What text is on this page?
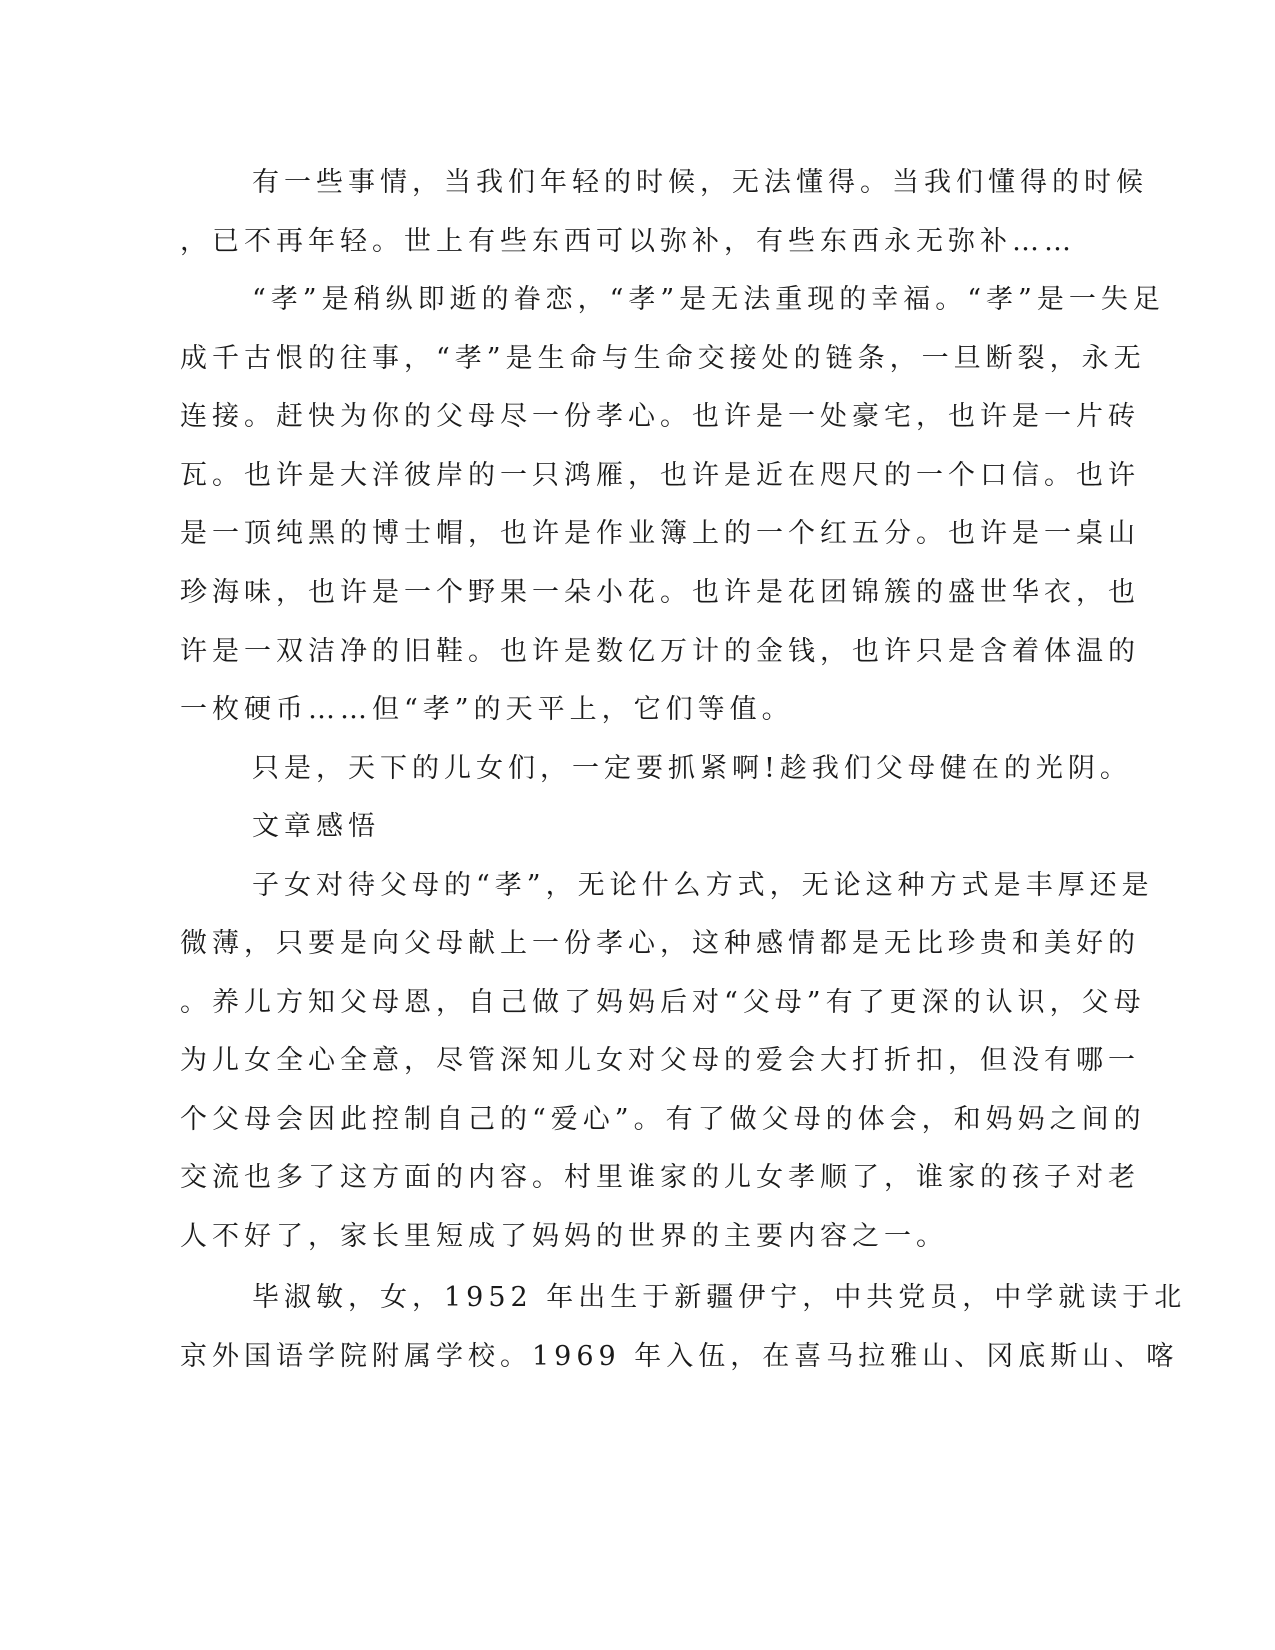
有一些事情，当我们年轻的时候，无法懂得。当我们懂得的时候

，已不再年轻。世上有些东西可以弥补，有些东西永无弥补……

“孝”是稍纵即逝的眷恋，“孝”是无法重现的幸福。“孝”是一失足

成千古恨的往事，“孝”是生命与生命交接处的链条，一旦断裂，永无

连接。赶快为你的父母尽一份孝心。也许是一处豪宅，也许是一片砖

瓦。也许是大洋彼岸的一只鸿雁，也许是近在咫尺的一个口信。也许

是一顶纯黑的博士帽，也许是作业簿上的一个红五分。也许是一桌山

珍海味，也许是一个野果一朵小花。也许是花团锦簇的盛世华衣，也

许是一双洁净的旧鞋。也许是数亿万计的金钱，也许只是含着体温的

一枚硬币……但“孝”的天平上，它们等值。

只是，天下的儿女们，一定要抓紧啊!趁我们父母健在的光阴。

文章感悟

子女对待父母的“孝”，无论什么方式，无论这种方式是丰厚还是

微薄，只要是向父母献上一份孝心，这种感情都是无比珍贵和美好的

。养儿方知父母恩，自己做了妈妈后对“父母”有了更深的认识，父母

为儿女全心全意，尽管深知儿女对父母的爱会大打折扣，但没有哪一

个父母会因此控制自己的“爱心”。有了做父母的体会，和妈妈之间的

交流也多了这方面的内容。村里谁家的儿女孝顺了，谁家的孩子对老

人不好了，家长里短成了妈妈的世界的主要内容之一。

毕淑敏，女，1952 年出生于新疆伊宁，中共党员，中学就读于北

京外国语学院附属学校。1969 年入伍，在喜马拉雅山、冈底斯山、喀
